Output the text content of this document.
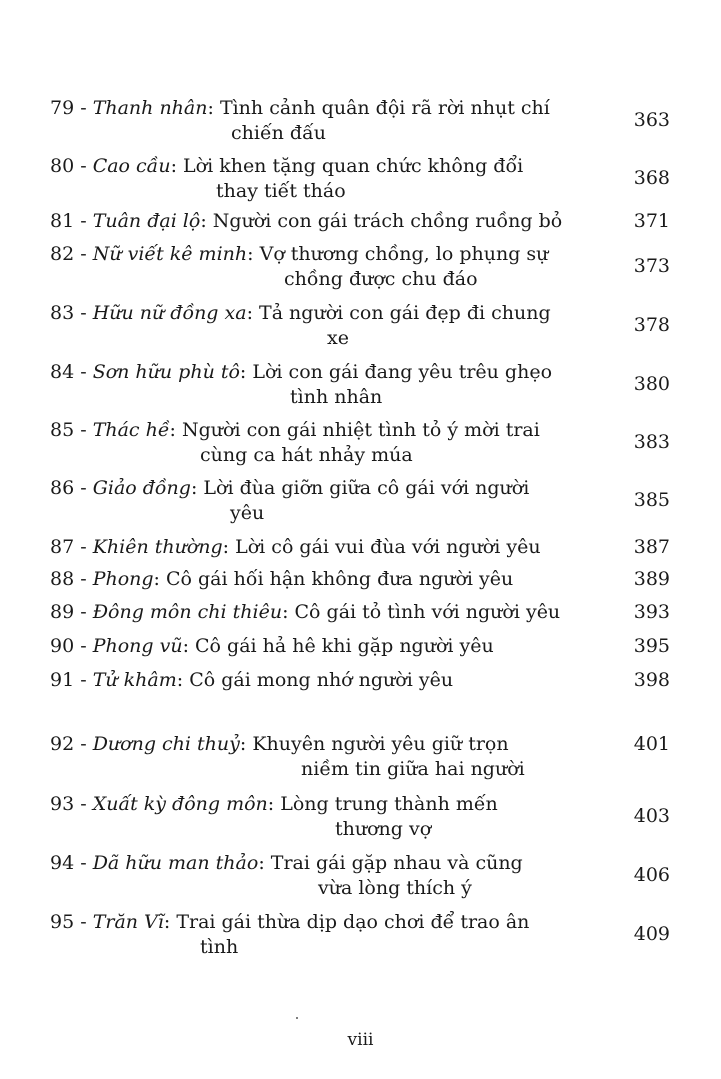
79 - Thanh nhân: Tình cảnh quân đội rã rời nhụt chí
chiến đấu
363
80 - Cao cầu: Lời khen tặng quan chức không đổi
thay tiết tháo
368
81 - Tuân đại lộ: Người con gái trách chồng ruồng bỏ	371
82 - Nữ viết kê minh: Vợ thương chồng, lo phụng sự
chồng được chu đáo
373
83 - Hữu nữ đồng xa: Tả người con gái đẹp đi chung
xe
378
84 - Sơn hữu phù tô: Lời con gái đang yêu trêu ghẹo
tình nhân
380
85 - Thác hề: Người con gái nhiệt tình tỏ ý mời trai
cùng ca hát nhảy múa
383
86 - Giảo đồng: Lời đùa giỡn giữa cô gái với người
yêu
385
87 - Khiên thường: Lời cô gái vui đùa với người yêu	387
88 - Phong: Cô gái hối hận không đưa người yêu	389
89 - Đông môn chi thiêu: Cô gái tỏ tình với người yêu	393
90 - Phong vũ: Cô gái hả hê khi gặp người yêu	395
91 - Tử khâm: Cô gái mong nhớ người yêu	398
92 - Dương chi thuỷ: Khuyên người yêu giữ trọn
niềm tin giữa hai người
401
93 - Xuất kỳ đông môn: Lòng trung thành mến
thương vợ
403
94 - Dã hữu man thảo: Trai gái gặp nhau và cũng
vừa lòng thích ý
406
95 - Trăn Vĩ: Trai gái thừa dịp dạo chơi để trao ân
tình
409
viii
